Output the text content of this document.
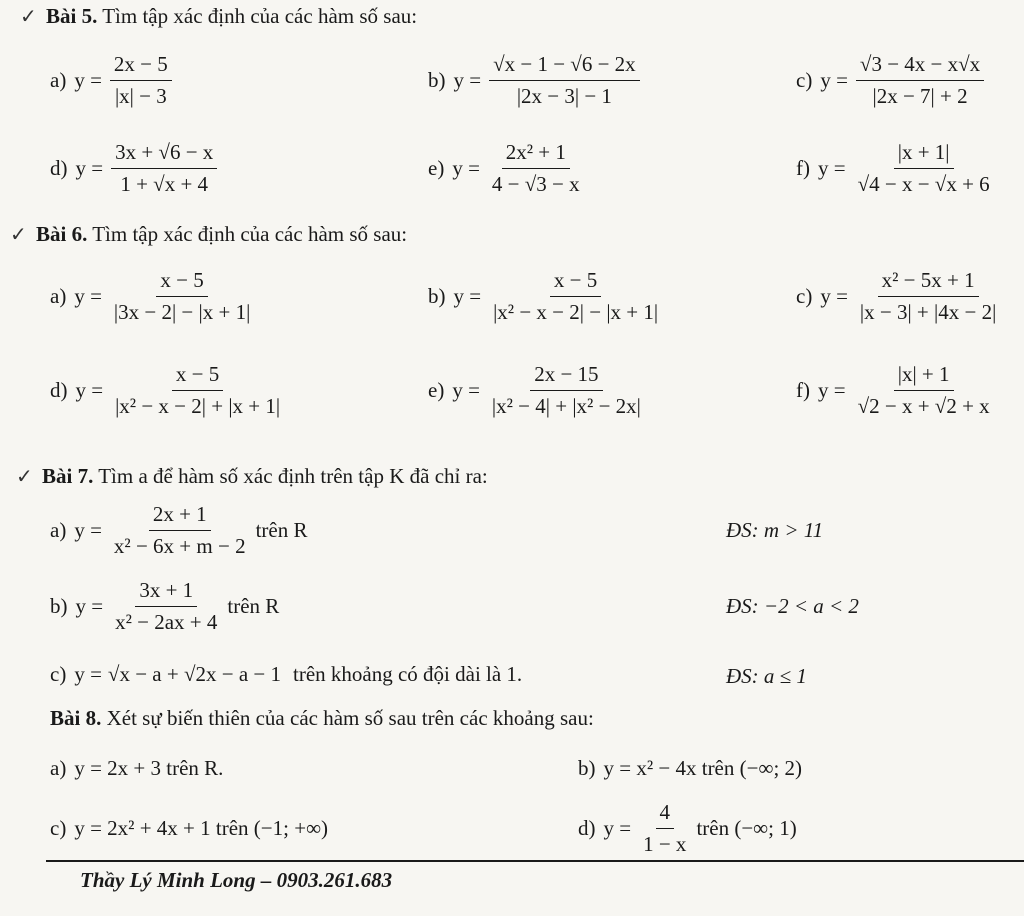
✓ Bài 5. Tìm tập xác định của các hàm số sau:
a) $y = \frac{2x - 5}{|x| - 3}$	b) $y = \frac{√x - 1 - √6 - 2x}{|2x - 3| - 1}$	c) $y = \frac{√3 - 4x - x√x}{|2x - 7| + 2}$
d) $y = \frac{3x + √6 - x}{1 + √x + 4}$	e) $y = \frac{\text{2x² + 1}}{4 - √3 - x}$	f) $y = \frac{|x + 1|}{√4 - x - √x + 6}$
✓ Bài 6. Tìm tập xác định của các hàm số sau:
a) $y = \frac{x - 5}{|3x - 2| - |x + 1|}$	b) $y = \frac{x - 5}{\text{|x² − x − 2| − |x + 1|}}$	c) $y = \frac{\text{x² − 5x + 1}}{|x - 3| + |4x - 2|}$
d) $y = \frac{x - 5}{\text{|x² − x − 2| + |x + 1|}}$	e) $y = \frac{2x - 15}{\text{|x² − 4| + |x² − 2x|}}$	f) $y = \frac{|x| + 1}{√2 - x + √2 + x}$
✓ Bài 7. Tìm a để hàm số xác định trên tập K đã chỉ ra:
a) $y = \frac{2x + 1}{\text{x² − 6x + m − 2}}$ trên R	ĐS: m > 11
b) $y = \frac{3x + 1}{\text{x² − 2ax + 4}}$ trên R	ĐS: −2 < a < 2
c) y = √x − a + √2x − a − 1 trên khoảng có đội dài là 1.	ĐS: a ≤ 1
Bài 8. Xét sự biến thiên của các hàm số sau trên các khoảng sau:
a) y = 2x + 3 trên R.	b) y = x² − 4x trên (−∞; 2)
c) y = 2x² + 4x + 1 trên (−1; +∞)	d) $y = \frac{4}{1 - x}$ trên (−∞; 1)
Thầy Lý Minh Long – 0903.261.683
